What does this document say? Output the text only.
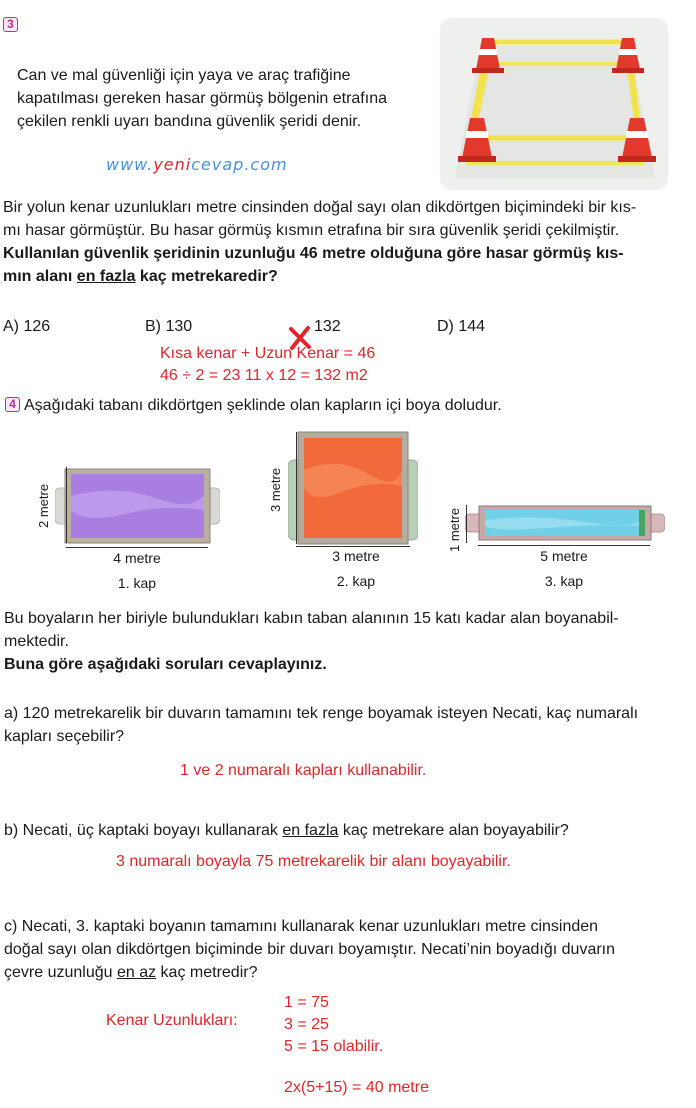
3
Can ve mal güvenliği için yaya ve araç trafiğine
kapatılması gereken hasar görmüş bölgenin etrafına
çekilen renkli uyarı bandına güvenlik şeridi denir.
www.yenicevap.com
Bir yolun kenar uzunlukları metre cinsinden doğal sayı olan dikdörtgen biçimindeki bir kıs-
mı hasar görmüştür. Bu hasar görmüş kısmın etrafına bir sıra güvenlik şeridi çekilmiştir.
Kullanılan güvenlik şeridinin uzunluğu 46 metre olduğuna göre hasar görmüş kıs-
mın alanı en fazla kaç metrekaredir?
A) 126	B) 130	132	D) 144
Kısa kenar + Uzun Kenar = 46
46 ÷ 2 = 23 11 x 12 = 132 m2
4 Aşağıdaki tabanı dikdörtgen şeklinde olan kapların içi boya doludur.
2 metre
4 metre
1. kap
3 metre
3 metre
2. kap
1 metre
5 metre
3. kap
Bu boyaların her biriyle bulundukları kabın taban alanının 15 katı kadar alan boyanabil-
mektedir.
Buna göre aşağıdaki soruları cevaplayınız.
a) 120 metrekarelik bir duvarın tamamını tek renge boyamak isteyen Necati, kaç numaralı
kapları seçebilir?
1 ve 2 numaralı kapları kullanabilir.
b) Necati, üç kaptaki boyayı kullanarak en fazla kaç metrekare alan boyayabilir?
3 numaralı boyayla 75 metrekarelik bir alanı boyayabilir.
c) Necati, 3. kaptaki boyanın tamamını kullanarak kenar uzunlukları metre cinsinden
doğal sayı olan dikdörtgen biçiminde bir duvarı boyamıştır. Necati’nin boyadığı duvarın
çevre uzunluğu en az kaç metredir?
Kenar Uzunlukları:
1 = 75
3 = 25
5 = 15 olabilir.
2x(5+15) = 40 metre
